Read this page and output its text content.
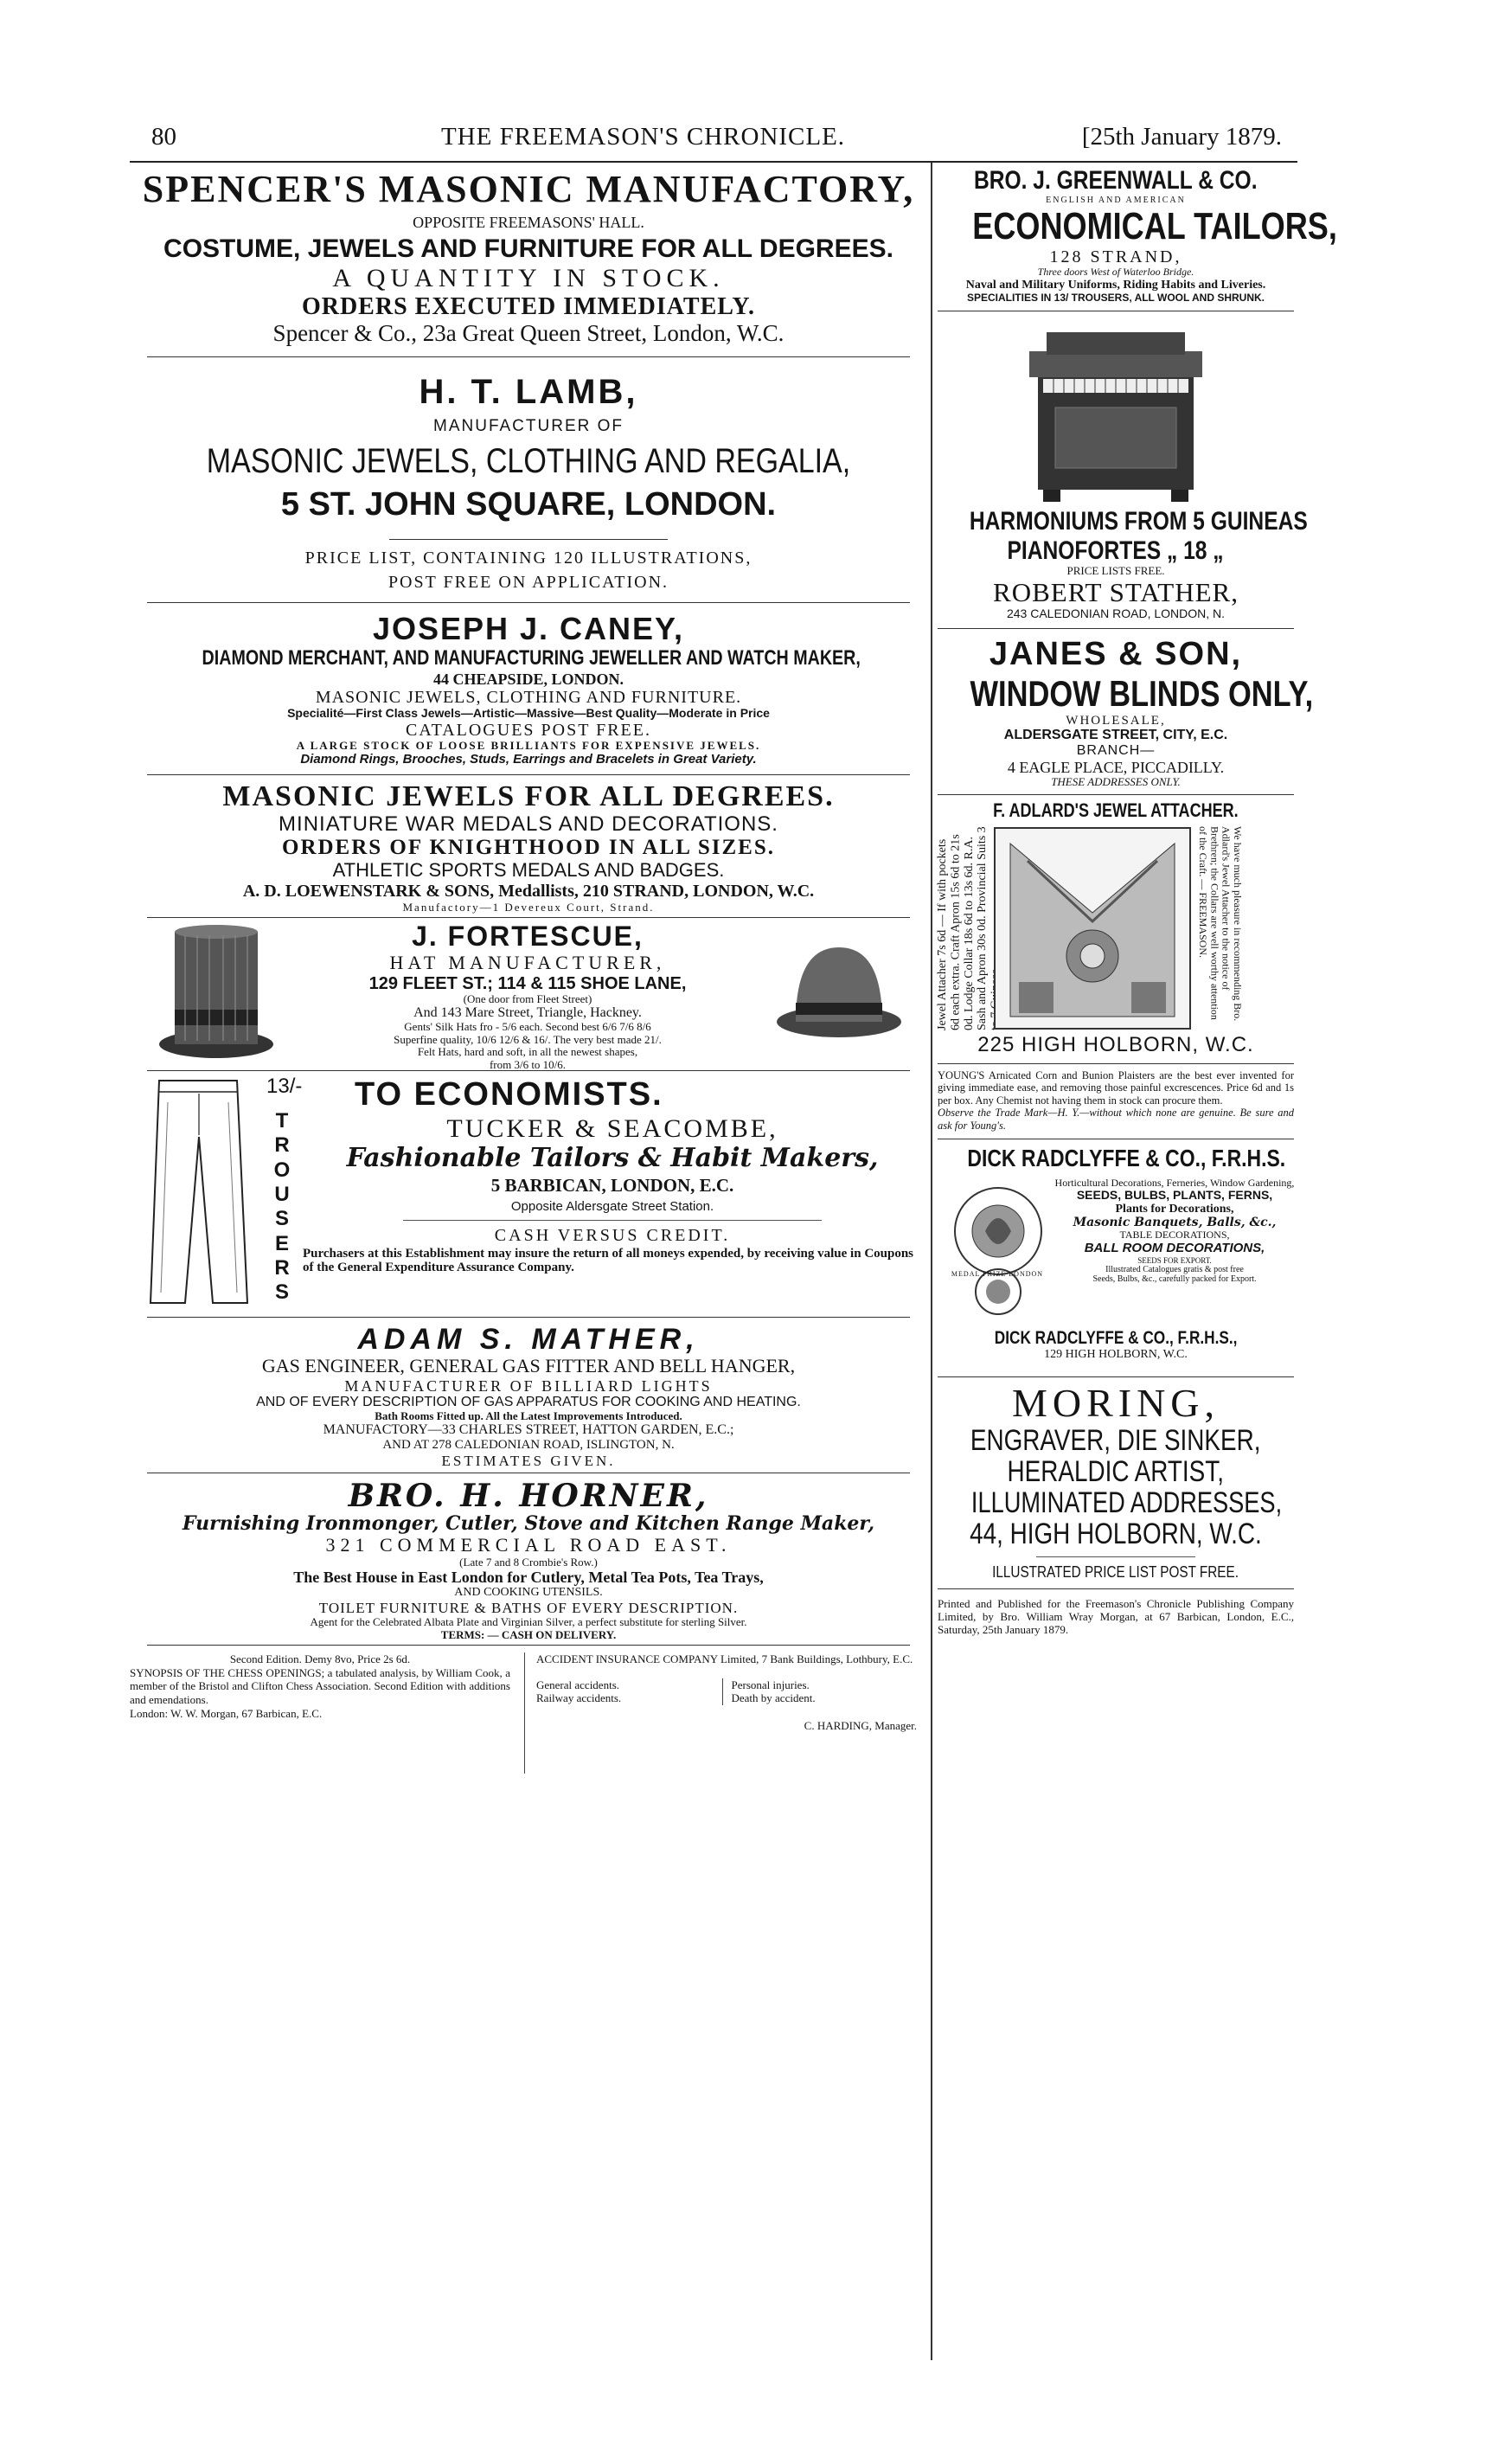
80	THE FREEMASON'S CHRONICLE.	[25th January 1879.
SPENCER'S MASONIC MANUFACTORY,
OPPOSITE FREEMASONS' HALL.
COSTUME, JEWELS AND FURNITURE FOR ALL DEGREES.
A QUANTITY IN STOCK.
ORDERS EXECUTED IMMEDIATELY.
Spencer & Co., 23a Great Queen Street, London, W.C.
H. T. LAMB,
MANUFACTURER OF
MASONIC JEWELS, CLOTHING AND REGALIA,
5 ST. JOHN SQUARE, LONDON.
PRICE LIST, CONTAINING 120 ILLUSTRATIONS,
POST FREE ON APPLICATION.
JOSEPH J. CANEY,
DIAMOND MERCHANT, AND MANUFACTURING JEWELLER AND WATCH MAKER,
44 CHEAPSIDE, LONDON.
MASONIC JEWELS, CLOTHING AND FURNITURE.
Specialité—First Class Jewels—Artistic—Massive—Best Quality—Moderate in Price
CATALOGUES POST FREE.
A LARGE STOCK OF LOOSE BRILLIANTS FOR EXPENSIVE JEWELS.
Diamond Rings, Brooches, Studs, Earrings and Bracelets in Great Variety.
MASONIC JEWELS FOR ALL DEGREES.
MINIATURE WAR MEDALS AND DECORATIONS.
ORDERS OF KNIGHTHOOD IN ALL SIZES.
ATHLETIC SPORTS MEDALS AND BADGES.
A. D. LOEWENSTARK & SONS, Medallists, 210 STRAND, LONDON, W.C.
Manufactory—1 Devereux Court, Strand.
J. FORTESCUE,
HAT MANUFACTURER,
129 FLEET ST.; 114 & 115 SHOE LANE,
(One door from Fleet Street)
And 143 Mare Street, Triangle, Hackney.
Gents' Silk Hats fro - 5/6 each. Second best 6/6 7/6 8/6
Superfine quality, 10/6 12/6 & 16/. The very best made 21/.
Felt Hats, hard and soft, in all the newest shapes,
from 3/6 to 10/6.
13/- TO ECONOMISTS.
T
R
O
U
S
E
R
S
TUCKER & SEACOMBE,
Fashionable Tailors & Habit Makers,
5 BARBICAN, LONDON, E.C.
Opposite Aldersgate Street Station.
CASH VERSUS CREDIT.
Purchasers at this Establishment may insure the return of all moneys expended, by receiving value in Coupons of the General Expenditure Assurance Company.
ADAM S. MATHER,
GAS ENGINEER, GENERAL GAS FITTER AND BELL HANGER,
MANUFACTURER OF BILLIARD LIGHTS
AND OF EVERY DESCRIPTION OF GAS APPARATUS FOR COOKING AND HEATING.
Bath Rooms Fitted up. All the Latest Improvements Introduced.
MANUFACTORY—33 CHARLES STREET, HATTON GARDEN, E.C.;
AND AT 278 CALEDONIAN ROAD, ISLINGTON, N.
ESTIMATES GIVEN.
BRO. H. HORNER,
Furnishing Ironmonger, Cutler, Stove and Kitchen Range Maker,
321 COMMERCIAL ROAD EAST.
(Late 7 and 8 Crombie's Row.)
The Best House in East London for Cutlery, Metal Tea Pots, Tea Trays,
AND COOKING UTENSILS.
TOILET FURNITURE & BATHS OF EVERY DESCRIPTION.
Agent for the Celebrated Albata Plate and Virginian Silver, a perfect substitute for sterling Silver.
TERMS: — CASH ON DELIVERY.
Second Edition. Demy 8vo, Price 2s 6d.
SYNOPSIS OF THE CHESS OPENINGS; a tabulated analysis, by William Cook, a member of the Bristol and Clifton Chess Association. Second Edition with additions and emendations.
London: W. W. Morgan, 67 Barbican, E.C.
ACCIDENT INSURANCE COMPANY Limited, 7 Bank Buildings, Lothbury, E.C.
General accidents.
Railway accidents.
Personal injuries.
Death by accident.
C. HARDING, Manager.
BRO. J. GREENWALL & CO.
ENGLISH AND AMERICAN
ECONOMICAL TAILORS,
128 STRAND,
Three doors West of Waterloo Bridge.
Naval and Military Uniforms, Riding Habits and Liveries.
SPECIALITIES IN 13/ TROUSERS, ALL WOOL AND SHRUNK.
HARMONIUMS FROM 5 GUINEAS
PIANOFORTES „ 18 „
PRICE LISTS FREE.
ROBERT STATHER,
243 CALEDONIAN ROAD, LONDON, N.
JANES & SON,
WINDOW BLINDS ONLY,
WHOLESALE,
ALDERSGATE STREET, CITY, E.C.
BRANCH—
4 EAGLE PLACE, PICCADILLY.
THESE ADDRESSES ONLY.
F. ADLARD'S JEWEL ATTACHER.
Jewel Attacher 7s 6d — If with pockets 6d each extra. Craft Apron 15s 6d to 21s 0d. Lodge Collar 18s 6d to 13s 6d. R.A. Sash and Apron 30s 0d. Provincial Suits 3	We have much pleasure in recommending Bro. Adlard's Jewel Attacher to the notice of Brethren; the Collars are well worthy attention of the Craft. — FREEMASON.
225 HIGH HOLBORN, W.C.
YOUNG'S Arnicated Corn and Bunion Plaisters are the best ever invented for giving immediate ease, and removing those painful excrescences. Price 6d and 1s per box. Any Chemist not having them in stock can procure them.
Observe the Trade Mark—H. Y.—without which none are genuine. Be sure and ask for Young's.
DICK RADCLYFFE & CO., F.R.H.S.
MEDAL PRIZE LONDON
Horticultural Decorations, Ferneries, Window Gardening,
SEEDS, BULBS, PLANTS, FERNS,
Plants for Decorations,
Masonic Banquets, Balls, &c.,
TABLE DECORATIONS,
BALL ROOM DECORATIONS,
SEEDS FOR EXPORT.
Illustrated Catalogues gratis & post free
Seeds, Bulbs, &c., carefully packed for Export.
DICK RADCLYFFE & CO., F.R.H.S.,
129 HIGH HOLBORN, W.C.
MORING,
ENGRAVER, DIE SINKER,
HERALDIC ARTIST,
ILLUMINATED ADDRESSES,
44, HIGH HOLBORN, W.C.
ILLUSTRATED PRICE LIST POST FREE.
Printed and Published for the Freemason's Chronicle Publishing Company Limited, by Bro. William Wray Morgan, at 67 Barbican, London, E.C., Saturday, 25th January 1879.
